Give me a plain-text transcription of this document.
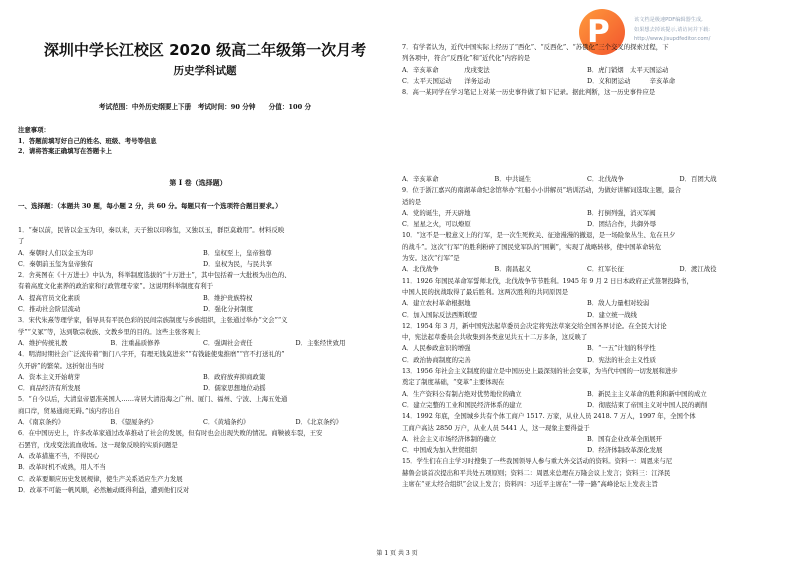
P	该文档是极速PDF编辑器生成,
如果想去掉该提示,请访问并下载:
http://www.jisupdfeditor.com/
深圳中学长江校区 2020 级高二年级第一次月考
历史学科试题
考试范围：中外历史纲要上下册　考试时间：90 分钟　　分值：100 分
注意事项：
1．答题前填写好自己的姓名、班级、考号等信息
2．请将答案正确填写在答题卡上
第 I 卷（选择题）
一、选择题：（本题共 30 题，每小题 2 分，共 60 分。每题只有一个选项符合题目要求。）

1．“秦以前，民皆以金玉为印，秦以来，天子独以印称玺，又独以玉，群臣莫敢用”。材料反映

了

A．秦朝时人们以金玉为印	B．皇权至上，皇帝独尊
C．秦朝前玉玺为皇帝独有	D．皇权为民，与民共享

2．舍英图在《十万进士》中认为，科举制度选拔的“十万进士”，其中包括着一大批极为出色的、

有着高度文化素养的政治家和行政管理专家”。这说明科举制度有利于

A．提高官员文化素质	B．维护贵族特权
C．推动社会阶层流动	D．强化分封制度

3．宋代朱熹等理学家，倡导具有平民色彩的民间宗族制度与乡族组织，主张通过举办“文会”“义

学”“义冢”等，达到敬宗收族、文教乡里的目的。这些主张客观上

A．维护传统礼教	B．注重晶质修养	C．强调社会责任	D．主张经世致用

4．明清时期社会广泛流传着“衙门八字开，有理无钱莫进来”“有钱能使鬼推磨”“官不打送礼的”

久开辟”的繁荣。这折射出当时

A．资本主义开始萌芽	B．政府放弃抑商政策
C．商品经济有所发展	D．儒家思想地位动摇

5．“自今以后，大清皇帝恩准英国人……寄居大清沿海之广州、厦门、福州、宁波、上海五处通

商口岸，贸易通商无碍。”该内容出自

A．《南京条约》	B．《望厦条约》	C．《黄埔条约》	D．《北京条约》

6．在中国历史上，许多改革家通过改革推动了社会的发展，但有时也会出现失败的情况。商鞅被车裂，王安

石罢官，戊戌变法流血收场。这一现象反映的实质问题是

A．改革措施不当，不得民心

B．改革时机不成熟，用人不当

C．改革要顺应历史发展规律，使生产关系适应生产力发展

D．改革不可能一帆风顺，必然触动既得利益，遭到他们反对

7．有学者认为，近代中国实际上经历了“西化”、“反西化”、“苏俄化”三个交叉的探索过程，下

列各项中，符合“反西化”和“近代化”内容的是

A．辛亥革命　　　　戊戌变法	B．虎门销烟　太平天国运动
C．太平天国运动　　洋务运动	D．义和团运动　　　辛亥革命

8．高一某同学在学习笔记上对某一历史事件做了如下记录。据此判断，这一历史事件应是

A．辛亥革命	B．中共诞生	C．北伐战争	D．百团大战

9．位于浙江嘉兴的南湖革命纪念馆举办“红船小小讲解员”培训活动，为做好讲解词选取主题，最合

适的是

A．党的诞生，开天辟地	B．打倒列强，消灭军阀
C．星星之火，可以燎原	D．团结合作，共御外辱

10．“这不是一般意义上的行军，是一次生死攸关、征途漫漫的撤退，是一场险象丛生、危在旦夕

的战斗”。这次“行军”的胜利粉碎了国民党军队的“围剿”，实现了战略转移，使中国革命转危

为安。这次“行军”是

A．北伐战争	B．南昌起义	C．红军长征	D．渡江战役

11．1926 年国民革命军誓师北伐，北伐战争节节胜利。1945 年 9 月 2 日日本政府正式签署投降书，

中国人民的抗战取得了最后胜利。这两次胜利的共同原因是

A．建立农村革命根据地	B．敌人力量相对较弱
C．加入国际反法西斯联盟	D．建立统一战线

12．1954 年 3 月，新中国宪法起草委员会决定将宪法草案交给全国各界讨论。在全民大讨论

中，宪法起草委员会共收集到各类意见共五十二万多条，这反映了

A．人民参政意识的增强	B．“一五”计划的科学性
C．政治协商制度的完善	D．宪法的社会主义性质

13．1956 年社会主义制度的建立是中国历史上最深刻的社会变革，为当代中国的一切发展和进步

奠定了制度基础，“变革”主要体现在

A．生产资料公有制占绝对优势地位的确立	B．新民主主义革命的胜利和新中国的成立
C．建立完整的工业和国民经济体系的建立	D．彻底结束了帝国主义对中国人民的剥削

14．1992 年底，全国城乡共有个体工商户 1517. 万家，从业人员 2418. 7 万人，1997 年，全国个体

工商户高达 2850 万户，从业人员 5441 人，这一现象主要得益于

A．社会主义市场经济体制的确立	B．国有企业改革全面展开
C．中国成为加入世贸组织	D．经济体制改革深化发展

15．学生们在自主学习时搜集了一些我国领导人参与重大外交活动的资料。资料一：周恩来与尼

赫鲁会谈首次提出和平共处五项原则；资料二：周恩来总理在万隆会议上发言；资料三：江泽民

主席在“亚太经合组织”会议上发言；资料四：习近平主席在“一带一路”高峰论坛上发表主旨

第 1 页 共 3 页
